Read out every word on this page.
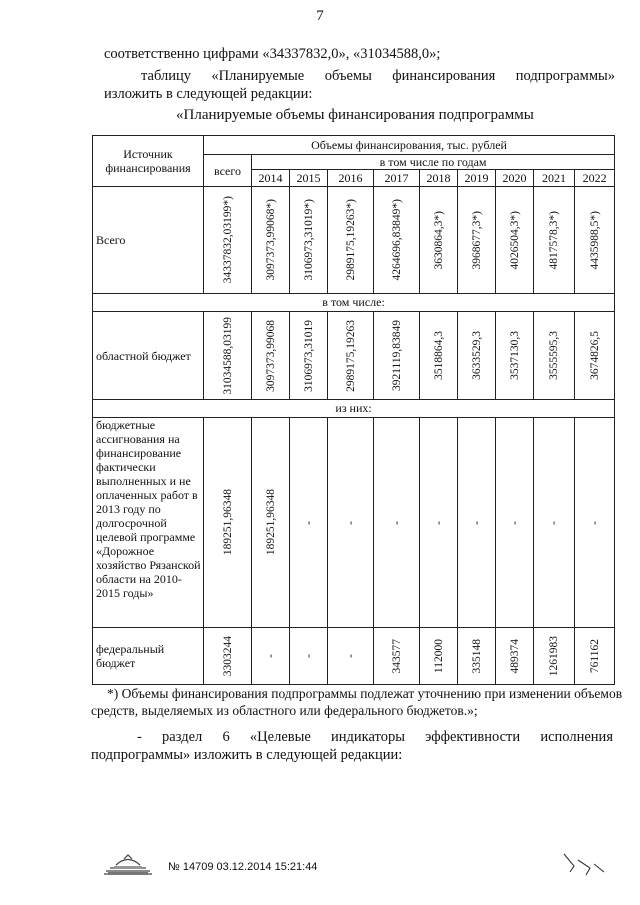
7
соответственно цифрами «34337832,0», «31034588,0»;
таблицу «Планируемые объемы финансирования подпрограммы»
изложить в следующей редакции:
«Планируемые объемы финансирования подпрограммы
Источник финансирования	Объемы финансирования, тыс. рублей									
	всего	в том числе по годам								
		2014	2015	2016	2017	2018	2019	2020	2021	2022
Всего	34337832,03199*)	3097373,99068*)	3106973,31019*)	2989175,19263*)	4264696,83849*)	3630864,3*)	3968677,3*)	4026504,3*)	4817578,3*)	4435988,5*)

в том числе:										
областной бюджет	31034588,03199	3097373,99068	3106973,31019	2989175,19263	3921119,83849	3518864,3	3633529,3	3537130,3	3555595,3	3674826,5

из них:										
бюджетные ассигнования на финансирование фактически выполненных и не оплаченных работ в 2013 году по долгосрочной целевой программе «Дорожное хозяйство Рязанской области на 2010-2015 годы»	189251,96348	189251,96348	-	-	-	-	-	-	-	-

федеральный бюджет	3303244	-	-	-	343577	112000	335148	489374	1261983	761162
*) Объемы финансирования подпрограммы подлежат уточнению при изменении объемов
средств, выделяемых из областного или федерального бюджетов.»;
- раздел 6 «Целевые индикаторы эффективности исполнения
подпрограммы» изложить в следующей редакции:
№ 14709 03.12.2014 15:21:44
